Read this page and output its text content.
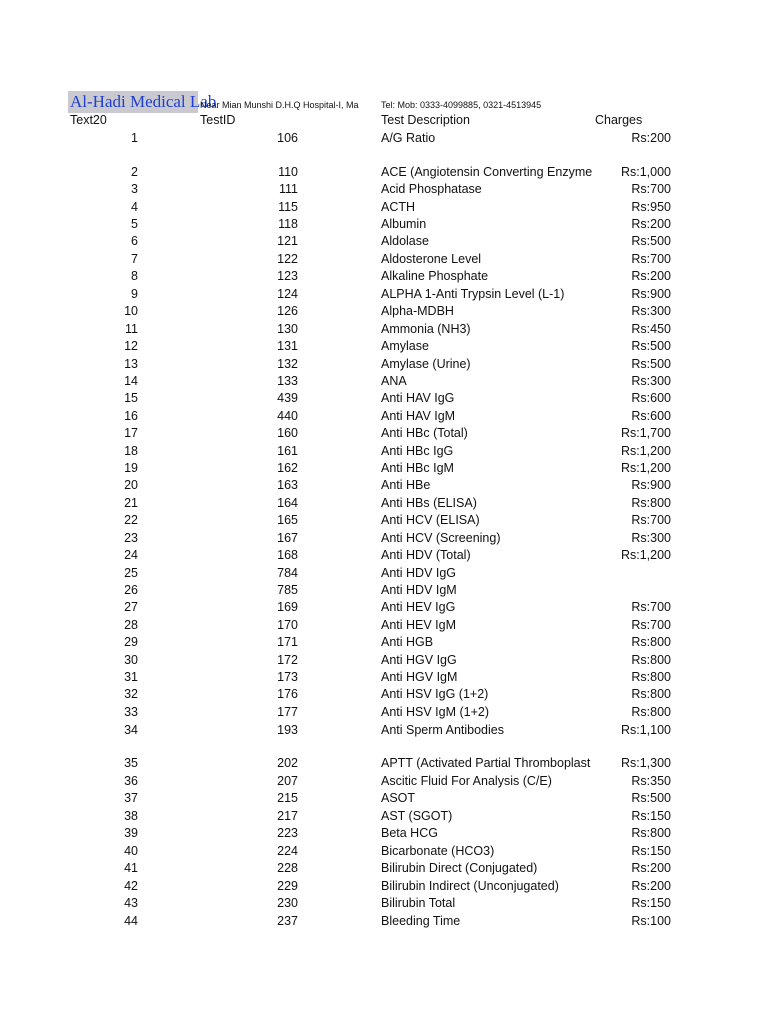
Al-Hadi Medical Lab
Near Mian Munshi D.H.Q Hospital-I, Ma	Tel: Mob: 0333-4099885, 0321-4513945
Text20	TestID	Test Description	Charges
1	106	A/G Ratio	Rs:200
2	110	ACE (Angiotensin Converting Enzyme	Rs:1,000
3	111	Acid Phosphatase	Rs:700
4	115	ACTH	Rs:950
5	118	Albumin	Rs:200
6	121	Aldolase	Rs:500
7	122	Aldosterone Level	Rs:700
8	123	Alkaline Phosphate	Rs:200
9	124	ALPHA 1-Anti Trypsin Level (L-1)	Rs:900
10	126	Alpha-MDBH	Rs:300
11	130	Ammonia (NH3)	Rs:450
12	131	Amylase	Rs:500
13	132	Amylase (Urine)	Rs:500
14	133	ANA	Rs:300
15	439	Anti HAV IgG	Rs:600
16	440	Anti HAV IgM	Rs:600
17	160	Anti HBc (Total)	Rs:1,700
18	161	Anti HBc IgG	Rs:1,200
19	162	Anti HBc IgM	Rs:1,200
20	163	Anti HBe	Rs:900
21	164	Anti HBs (ELISA)	Rs:800
22	165	Anti HCV (ELISA)	Rs:700
23	167	Anti HCV (Screening)	Rs:300
24	168	Anti HDV (Total)	Rs:1,200
25	784	Anti HDV IgG
26	785	Anti HDV IgM
27	169	Anti HEV IgG	Rs:700
28	170	Anti HEV IgM	Rs:700
29	171	Anti HGB	Rs:800
30	172	Anti HGV IgG	Rs:800
31	173	Anti HGV IgM	Rs:800
32	176	Anti HSV IgG (1+2)	Rs:800
33	177	Anti HSV IgM (1+2)	Rs:800
34	193	Anti Sperm Antibodies	Rs:1,100
35	202	APTT (Activated Partial Thromboplast	Rs:1,300
36	207	Ascitic Fluid For Analysis (C/E)	Rs:350
37	215	ASOT	Rs:500
38	217	AST (SGOT)	Rs:150
39	223	Beta HCG	Rs:800
40	224	Bicarbonate (HCO3)	Rs:150
41	228	Bilirubin Direct (Conjugated)	Rs:200
42	229	Bilirubin Indirect (Unconjugated)	Rs:200
43	230	Bilirubin Total	Rs:150
44	237	Bleeding Time	Rs:100
